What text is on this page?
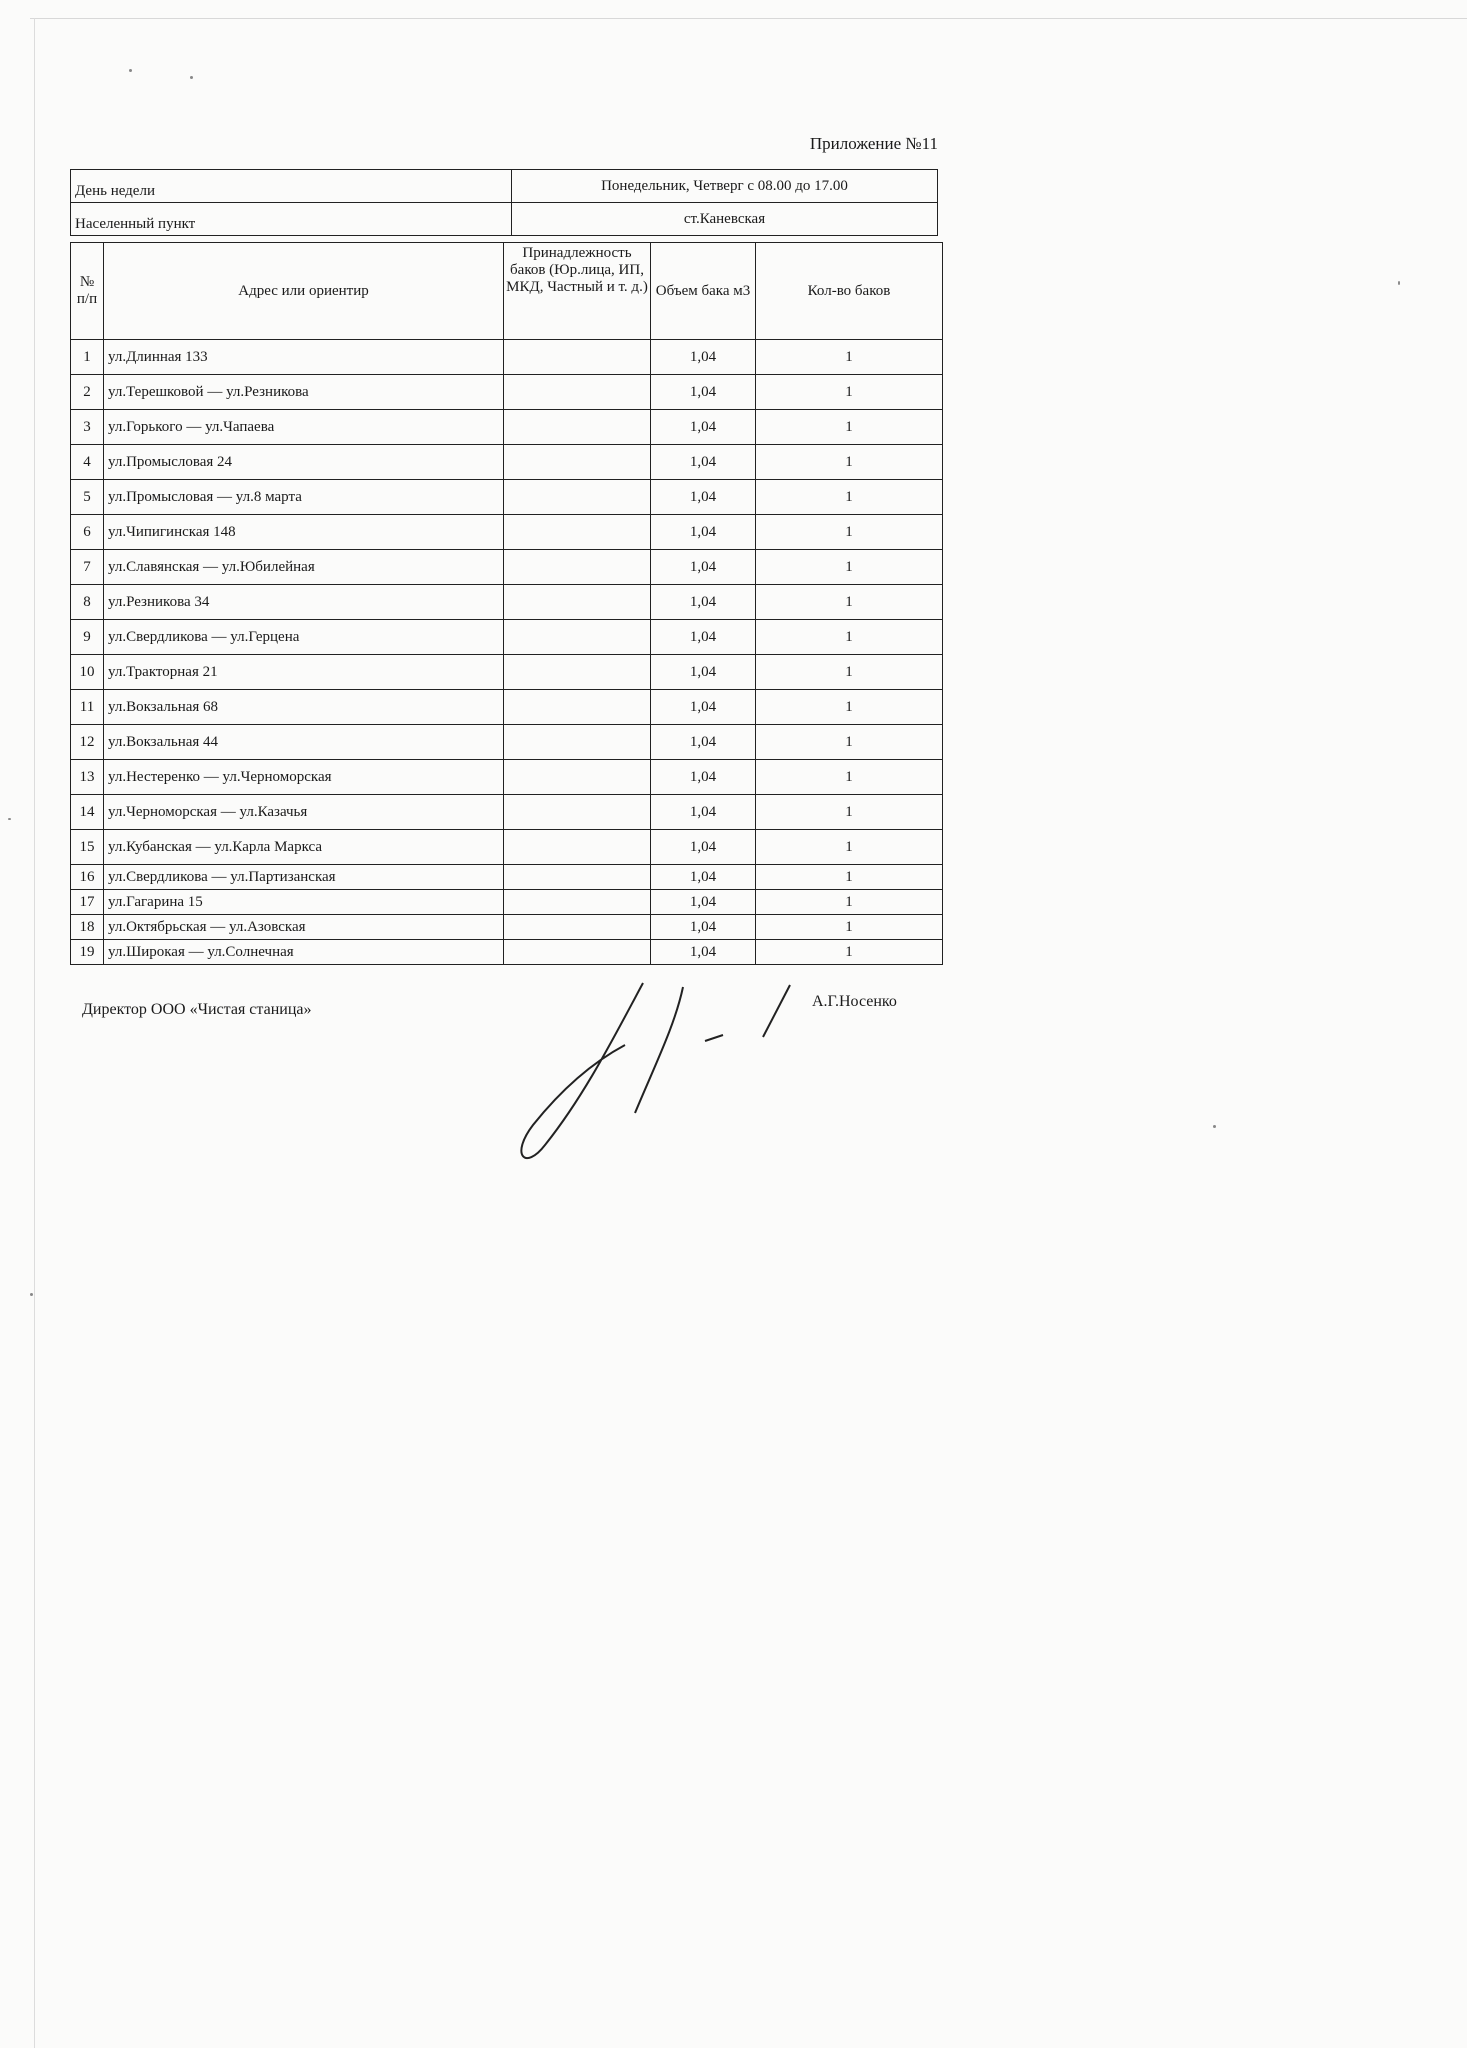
Приложение №11
День недели	Понедельник, Четверг с 08.00 до 17.00
Населенный пункт	ст.Каневская
№ п/п	Адрес или ориентир	Принадлежность баков (Юр.лица, ИП, МКД, Частный и т. д.)	Объем бака м3	Кол-во баков

1	ул.Длинная 133		1,04	1
2	ул.Терешковой — ул.Резникова		1,04	1
3	ул.Горького — ул.Чапаева		1,04	1
4	ул.Промысловая 24		1,04	1
5	ул.Промысловая — ул.8 марта		1,04	1
6	ул.Чипигинская 148		1,04	1
7	ул.Славянская — ул.Юбилейная		1,04	1
8	ул.Резникова 34		1,04	1
9	ул.Свердликова — ул.Герцена		1,04	1
10	ул.Тракторная 21		1,04	1
11	ул.Вокзальная 68		1,04	1
12	ул.Вокзальная 44		1,04	1
13	ул.Нестеренко — ул.Черноморская		1,04	1
14	ул.Черноморская — ул.Казачья		1,04	1
15	ул.Кубанская — ул.Карла Маркса		1,04	1
16	ул.Свердликова — ул.Партизанская		1,04	1
17	ул.Гагарина 15		1,04	1
18	ул.Октябрьская — ул.Азовская		1,04	1
19	ул.Широкая — ул.Солнечная		1,04	1
Директор ООО «Чистая станица»	А.Г.Носенко
